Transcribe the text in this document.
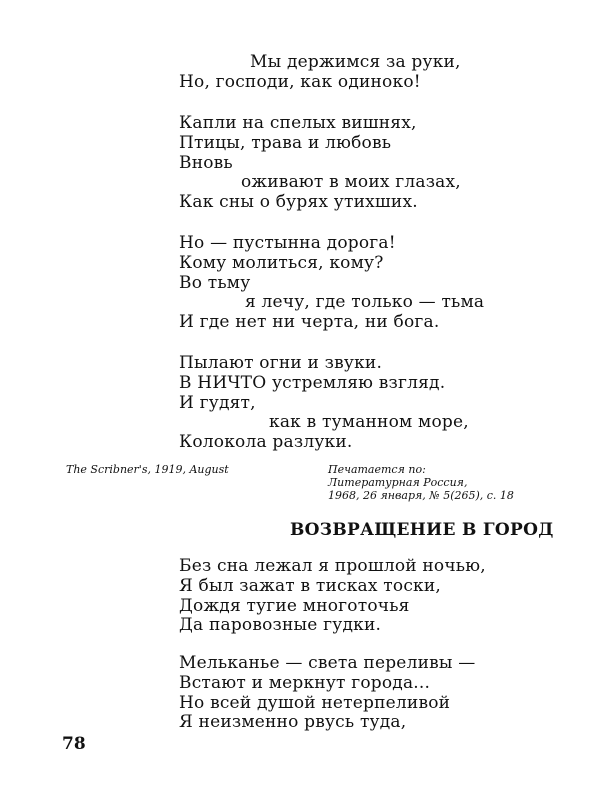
Мы держимся за руки,
Но, господи, как одиноко!
Капли на спелых вишнях,
Птицы, трава и любовь
Вновь
оживают в моих глазах,
Как сны о бурях утихших.
Но — пустынна дорога!
Кому молиться, кому?
Во тьму
я лечу, где только — тьма
И где нет ни черта, ни бога.
Пылают огни и звуки.
В НИЧТО устремляю взгляд.
И гудят,
как в туманном море,
Колокола разлуки.
The Scribner's, 1919, August	Печатается по:
Литературная Россия,
1968, 26 января, № 5(265), с. 18
ВОЗВРАЩЕНИЕ В ГОРОД
Без сна лежал я прошлой ночью,
Я был зажат в тисках тоски,
Дождя тугие многоточья
Да паровозные гудки.
Мельканье — света переливы —
Встают и меркнут города...
Но всей душой нетерпеливой
Я неизменно рвусь туда,
78
